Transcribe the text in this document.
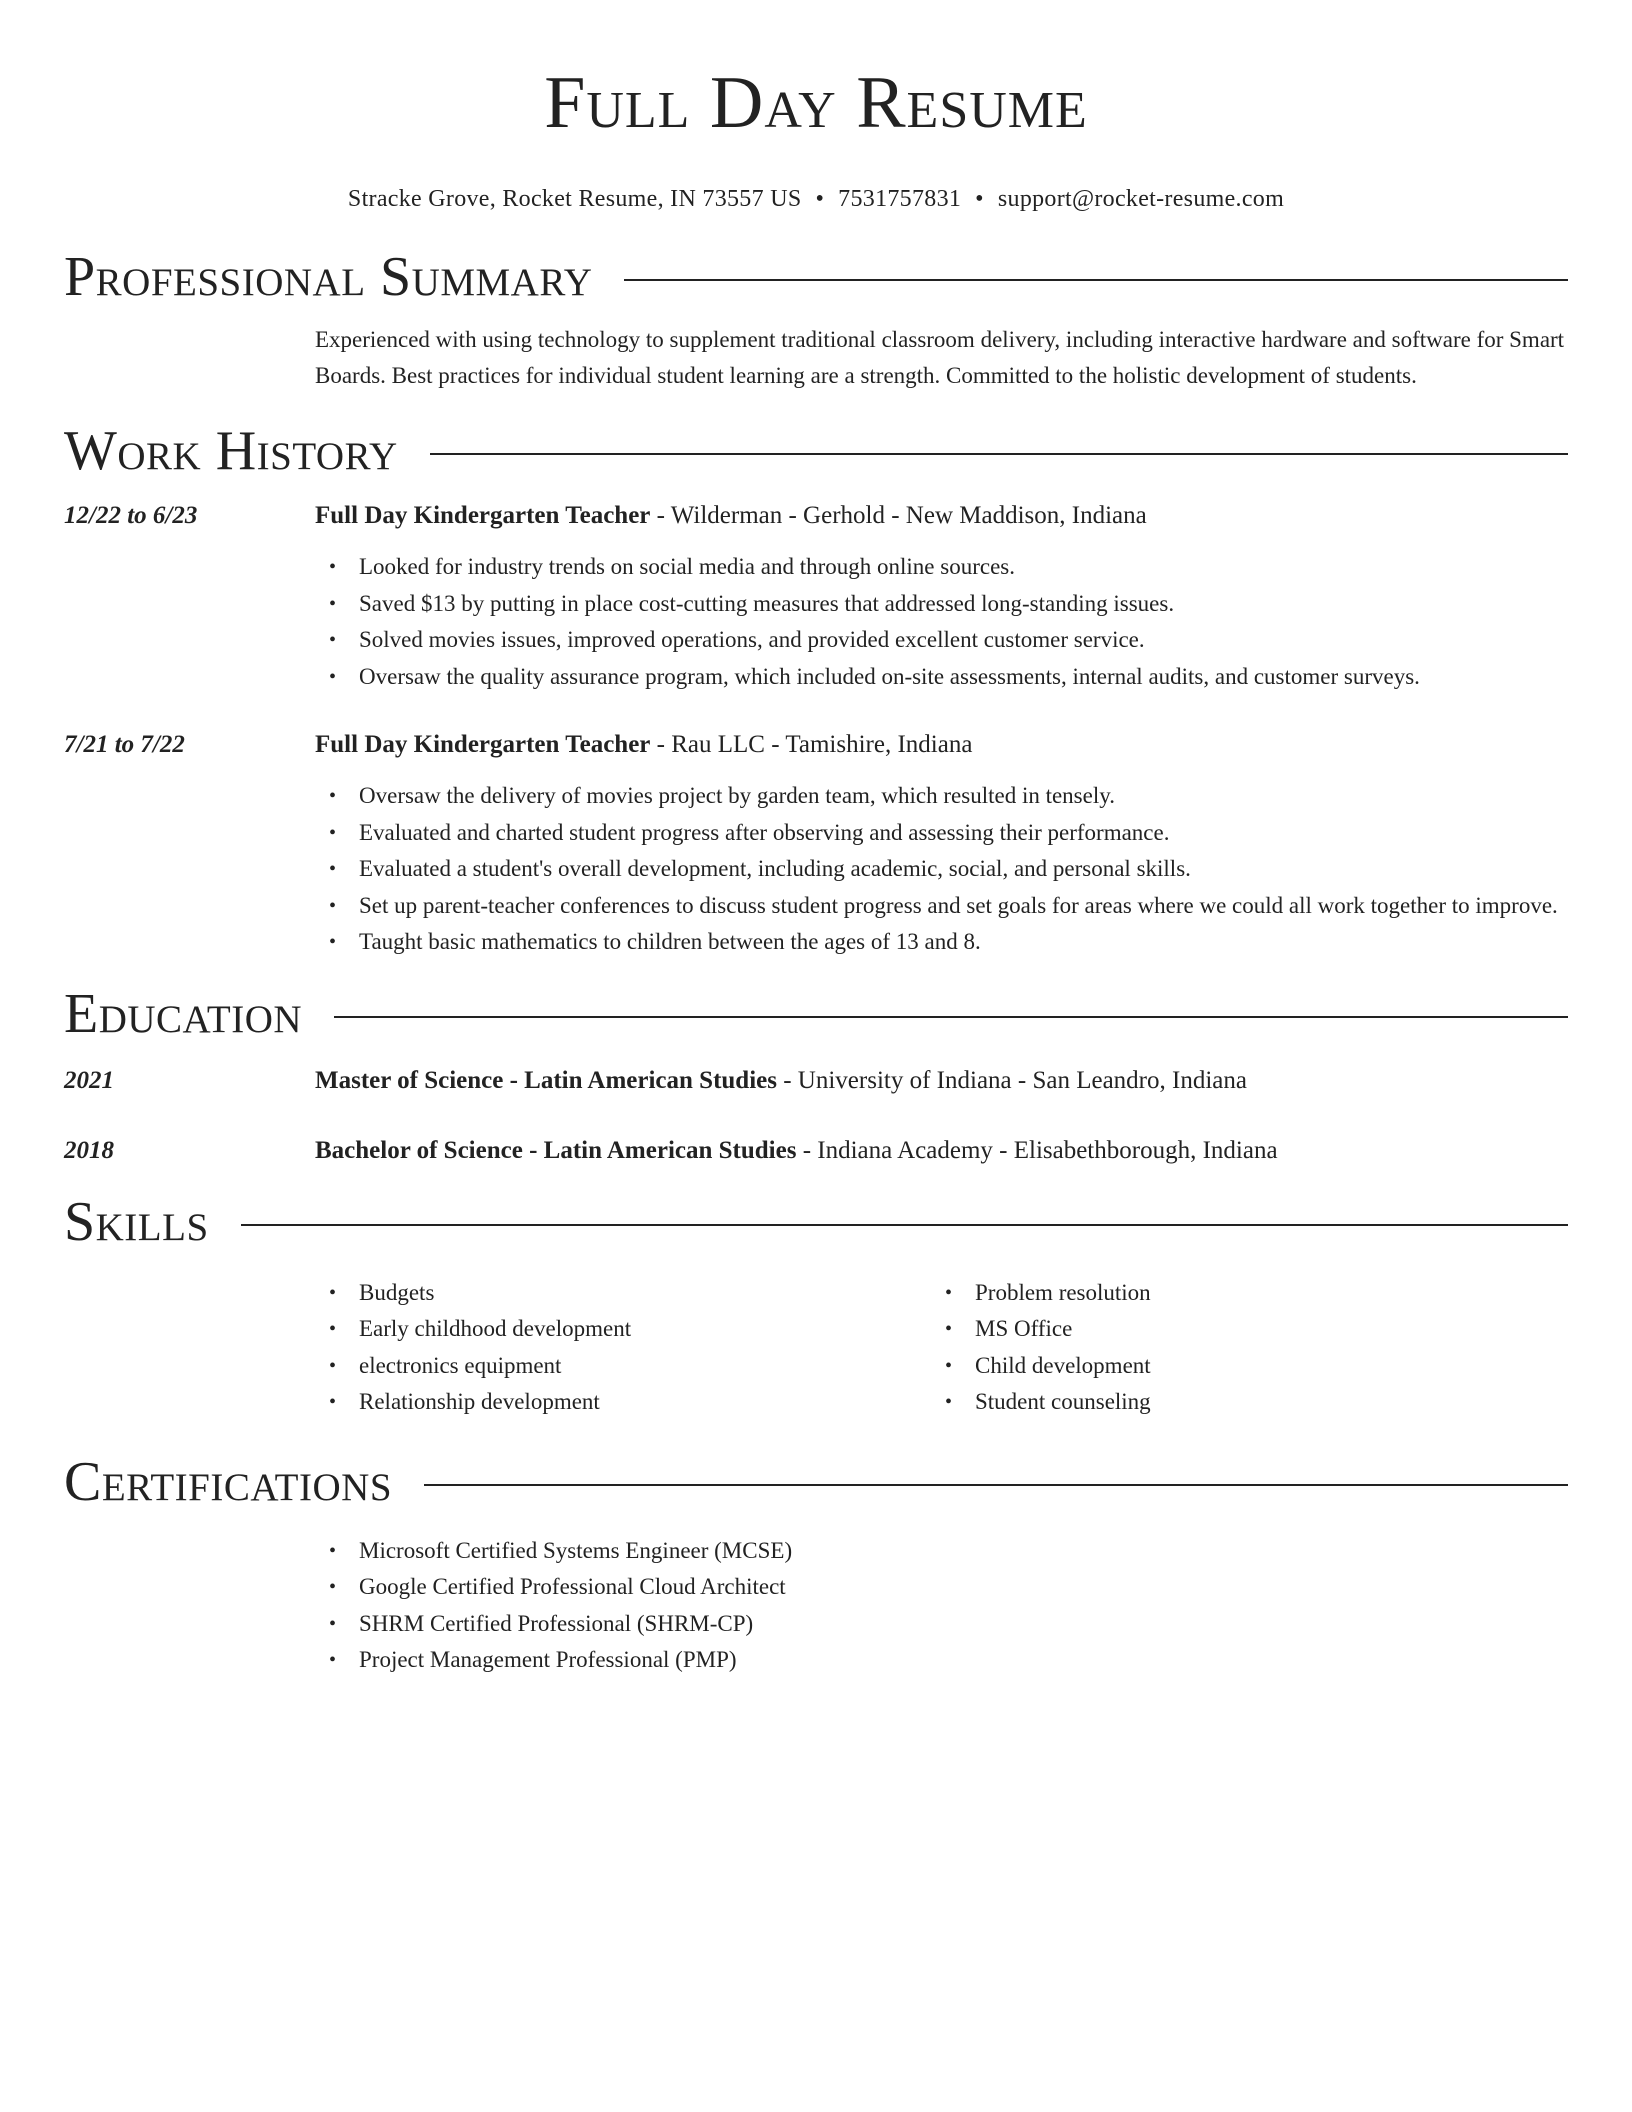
Full Day Resume
Stracke Grove, Rocket Resume, IN 73557 US • 7531757831 • support@rocket-resume.com
Professional Summary

Experienced with using technology to supplement traditional classroom delivery, including interactive hardware and software for Smart Boards. Best practices for individual student learning are a strength. Committed to the holistic development of students.

Work History
12/22 to 6/23	Full Day Kindergarten Teacher - Wilderman - Gerhold - New Maddison, Indiana
• Looked for industry trends on social media and through online sources.
• Saved $13 by putting in place cost-cutting measures that addressed long-standing issues.
• Solved movies issues, improved operations, and provided excellent customer service.
• Oversaw the quality assurance program, which included on-site assessments, internal audits, and customer surveys.
7/21 to 7/22	Full Day Kindergarten Teacher - Rau LLC - Tamishire, Indiana
• Oversaw the delivery of movies project by garden team, which resulted in tensely.
• Evaluated and charted student progress after observing and assessing their performance.
• Evaluated a student's overall development, including academic, social, and personal skills.
• Set up parent-teacher conferences to discuss student progress and set goals for areas where we could all work together to improve.
• Taught basic mathematics to children between the ages of 13 and 8.
Education
2021	Master of Science - Latin American Studies - University of Indiana - San Leandro, Indiana
2018	Bachelor of Science - Latin American Studies - Indiana Academy - Elisabethborough, Indiana
Skills
• Budgets
• Early childhood development
• electronics equipment
• Relationship development
• Problem resolution
• MS Office
• Child development
• Student counseling
Certifications
• Microsoft Certified Systems Engineer (MCSE)
• Google Certified Professional Cloud Architect
• SHRM Certified Professional (SHRM-CP)
• Project Management Professional (PMP)
